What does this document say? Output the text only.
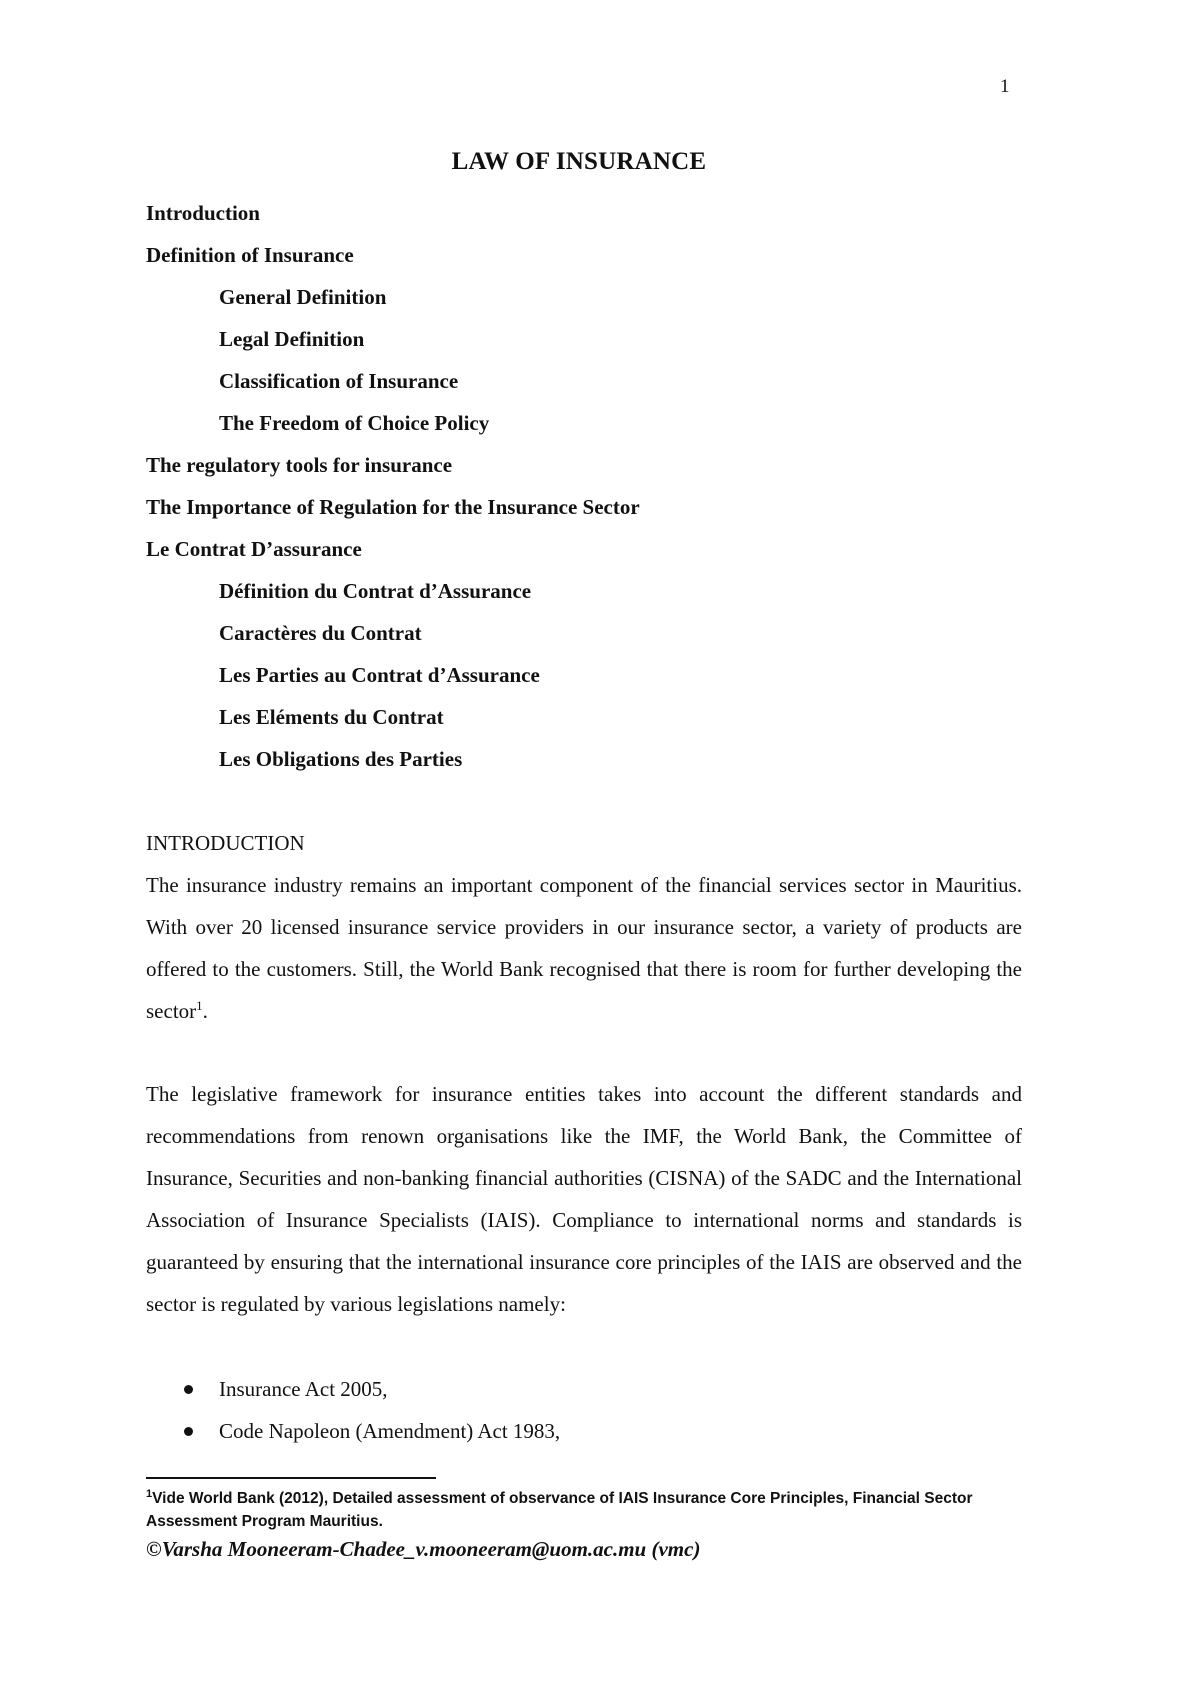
1
LAW OF INSURANCE
Introduction
Definition of Insurance
General Definition
Legal Definition
Classification of Insurance
The Freedom of Choice Policy
The regulatory tools for insurance
The Importance of Regulation for the Insurance Sector
Le Contrat D’assurance
Définition du Contrat d’Assurance
Caractères du Contrat
Les Parties au Contrat d’Assurance
Les Eléments du Contrat
Les Obligations des Parties
INTRODUCTION

The insurance industry remains an important component of the financial services sector in Mauritius. With over 20 licensed insurance service providers in our insurance sector, a variety of products are offered to the customers. Still, the World Bank recognised that there is room for further developing the sector$^1$.

The legislative framework for insurance entities takes into account the different standards and recommendations from renown organisations like the IMF, the World Bank, the Committee of Insurance, Securities and non-banking financial authorities (CISNA) of the SADC and the International Association of Insurance Specialists (IAIS). Compliance to international norms and standards is guaranteed by ensuring that the international insurance core principles of the IAIS are observed and the sector is regulated by various legislations namely:

Insurance Act 2005,
Code Napoleon (Amendment) Act 1983,

$^1$Vide World Bank (2012), Detailed assessment of observance of IAIS Insurance Core Principles, Financial Sector Assessment Program Mauritius.

©Varsha Mooneeram-Chadee_v.mooneeram@uom.ac.mu (vmc)
